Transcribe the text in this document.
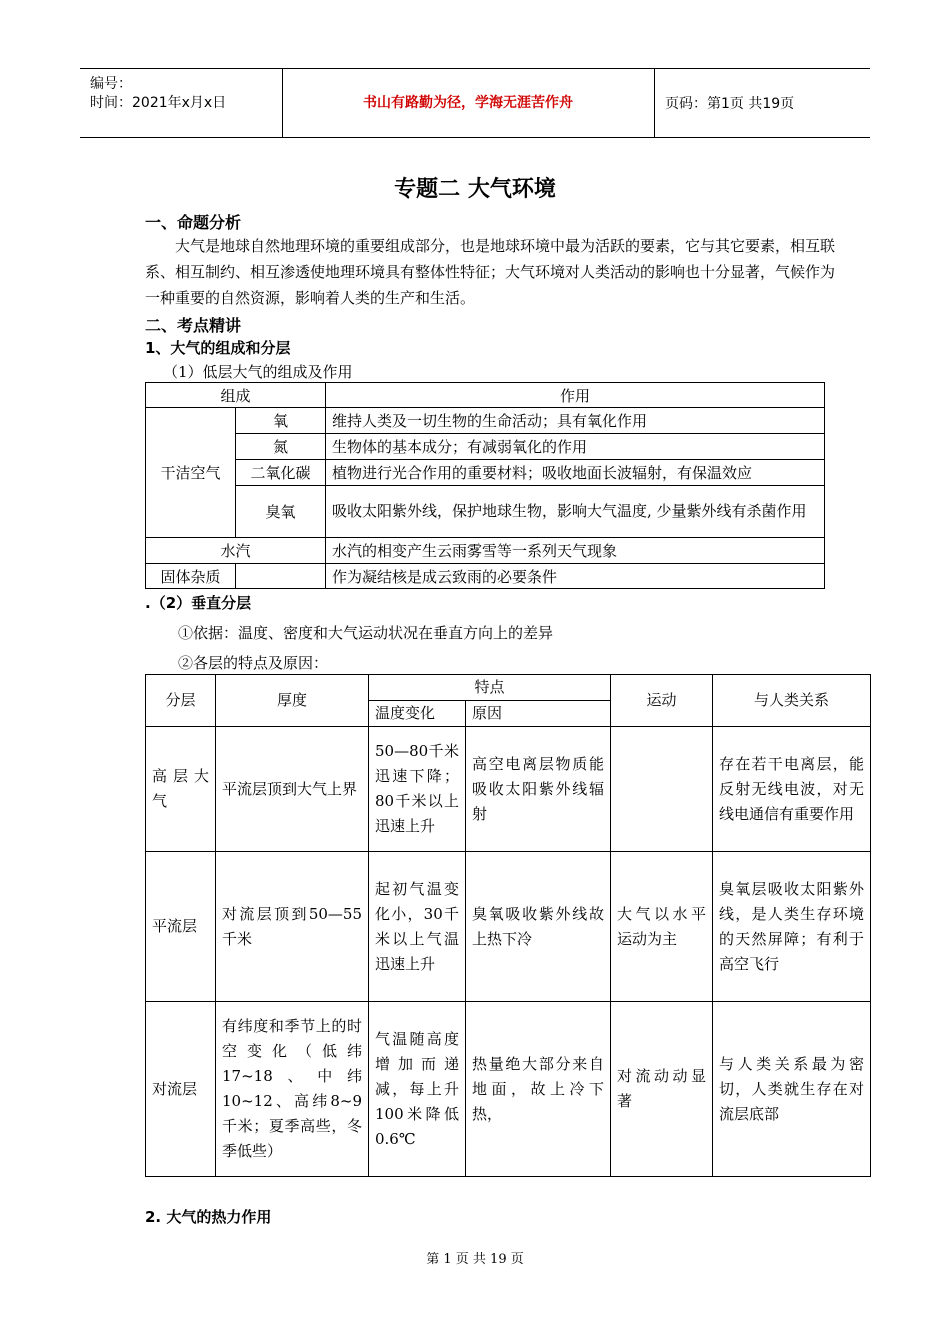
编号：
时间：2021年x月x日	书山有路勤为径，学海无涯苦作舟	页码：第1页 共19页
专题二 大气环境
一、命题分析
大气是地球自然地理环境的重要组成部分，也是地球环境中最为活跃的要素，它与其它要素，相互联系、相互制约、相互渗透使地理环境具有整体性特征；大气环境对人类活动的影响也十分显著，气候作为一种重要的自然资源，影响着人类的生产和生活。
二、考点精讲
1、大气的组成和分层
（1）低层大气的组成及作用
组成		作用
干洁空气	氧	维持人类及一切生物的生命活动；具有氧化作用
	氮	生物体的基本成分；有减弱氧化的作用
	二氧化碳	植物进行光合作用的重要材料；吸收地面长波辐射，有保温效应
	臭氧	吸收太阳紫外线，保护地球生物，影响大气温度, 少量紫外线有杀菌作用
水汽		水汽的相变产生云雨雾雪等一系列天气现象
固体杂质		作为凝结核是成云致雨的必要条件
.（2）垂直分层
①依据：温度、密度和大气运动状况在垂直方向上的差异
②各层的特点及原因：
分层	厚度	特点		运动	与人类关系
		温度变化	原因		
高层大气	平流层顶到大气上界	50—80千米迅速下降；80千米以上迅速上升	高空电离层物质能吸收太阳紫外线辐射		存在若干电离层，能反射无线电波，对无线电通信有重要作用
平流层	对流层顶到50—55千米	起初气温变化小，30千米以上气温迅速上升	臭氧吸收紫外线故上热下冷	大气以水平运动为主	臭氧层吸收太阳紫外线，是人类生存环境的天然屏障；有利于高空飞行
对流层	有纬度和季节上的时空变化（低纬17~18、中纬10~12、高纬8~9千米；夏季高些，冬季低些）	气温随高度增加而递减，每上升100米降低0.6℃	热量绝大部分来自地面，故上冷下热，	对流动动显著	与人类关系最为密切，人类就生存在对流层底部
2. 大气的热力作用
第 1 页 共 19 页
